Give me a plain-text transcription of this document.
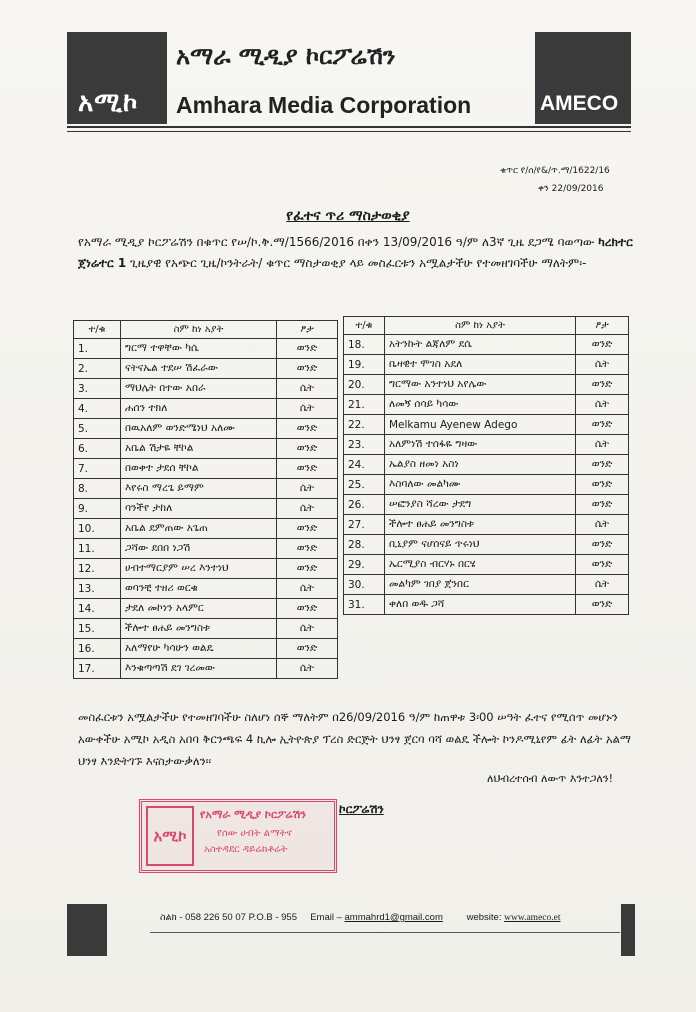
አሚኮ
አማራ ሚዲያ ኮርፖሬሽን
Amhara Media Corporation	AMECO
ቁጥር የ/ሰ/የ&/ጥ.ማ/1622/16
ቀን 22/09/2016
የፈተና ጥሪ ማስታወቂያ
የአማራ ሚዲያ ኮርፖሬሽን በቁጥር የሠ/ኮ.ቅ.ማ/1566/2016 በቀን 13/09/2016 ዓ/ም ለ3ኛ ጊዜ ደጋሜ ባወጣው ካረክተር ጀነሬተር 1 ጊዜያዊ የአጭር ጊዜ/ኮንትራት/ ቁጥር ማስታወቂያ ላይ መስፈርቱን አሟልታችሁ የተመዘገባችሁ ማለትም፡-
ተ/ቁ	ስም ከነ አያት	ፆታ
1.	ግርማ ተዋቸው ካሴ	ወንድ
2.	ናትናኤል ተደሠ ሽፈራው	ወንድ
3.	ማህሌት በተው አበራ	ሴት
4.	ሐሰን ተክለ	ሴት
5.	በዉአለም ወንድሜነህ አለሙ	ወንድ
6.	አቤል ሽታዬ ቸኮል	ወንድ
7.	በወቀተ ታደሰ ቸኮል	ወንድ
8.	እየሩስ ማረጌ ይማም	ሴት
9.	ባንችየ ታከለ	ሴት
10.	አቤል ደምጠው አጌጠ	ወንድ
11.	ጋሻው ደበበ ነጋሽ	ወንድ
12.	ሀብተማርያም ሠረ እንተነህ	ወንድ
13.	ወባንቺ ተዘሪ ወርቁ	ሴት
14.	ታደለ መኮነን አላምር	ወንድ
15.	ችሎተ ፀሐይ መንግስቱ	ሴት
16.	አለማየሁ ካሳሁን ወልዴ	ወንድ
17.	እንቁጣጣሽ ደገ ገረመው	ሴት
ተ/ቁ	ስም ከነ አያት	ፆታ
18.	አትንኩት ልጃለም ደሴ	ወንድ
19.	ቤዛዊተ ሞገስ አደለ	ሴት
20.	ግርማው አንተነህ አየሌው	ወንድ
21.	ለመኝ ሰሳይ ካሳው	ሴት
22.	Melkamu Ayenew Adego	ወንድ
23.	አለምነሽ ተሰፋዬ ግዛው	ሴት
24.	ኤልያስ ዘመነ አስነ	ወንድ
25.	እስባለው መልካሙ	ወንድ
26.	ሠፎንያስ ሻረው ታደግ	ወንድ
27.	ችሎተ ፀሐይ መንግስቱ	ሴት
28.	ቢኒያም ናሆሰናይ ጥሩነህ	ወንድ
29.	ኤርሚያስ ብርሃኑ በርሄ	ወንድ
30.	መልካም ገበያ ጀንበር	ሴት
31.	ቀለበ ወዱ ጋሻ	ወንድ
መስፈርቱን አሟልታችሁ የተመዘገባችሁ ስለሆነ ሰኞ ማለትም በ26/09/2016 ዓ/ም ከጠዋቱ 3፡00 ሠዓት ፈተና የሚሰጥ መሆኑን አውቀችሁ አሚኮ አዲስ አበባ ቅርንጫፍ 4 ኪሎ ኢትዮጵያ ፕረስ ድርጅት ህንፃ ጀርባ ባሻ ወልዴ ችሎት ኮንዶሚኒየም ፊት ለፊት አልማ ህንፃ እንድትገኙ እናስታውቃለን፡፡
ለህብረተሰብ ለውጥ እንተጋለን!
ኮርፖሬሽን
አሚኮ
የአማራ ሚዲያ ኮርፖሬሽን
የሰው ሀብት ልማትና
አስተዳደር ዳይሬክቶሬት
ስልክ - 058 226 50 07 P.O.B - 955 Email – ammahrd1@gmail.com	website: www.ameco.et
